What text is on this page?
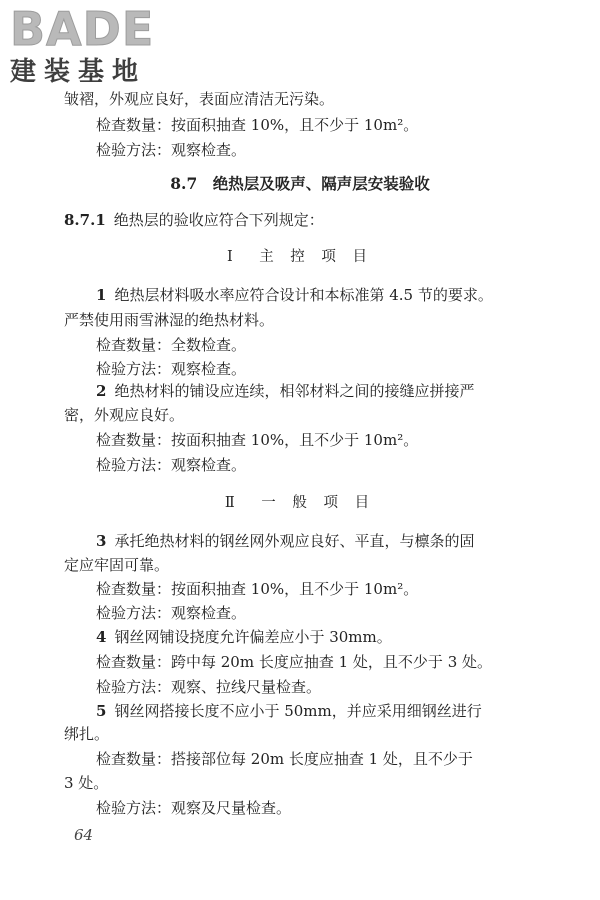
BADE
建装基地
皱褶，外观应良好，表面应清洁无污染。
检查数量：按面积抽查 10%，且不少于 10m²。
检验方法：观察检查。
8.7　绝热层及吸声、隔声层安装验收
8.7.1 绝热层的验收应符合下列规定：
Ⅰ　主 控 项 目
1 绝热层材料吸水率应符合设计和本标准第 4.5 节的要求。
严禁使用雨雪淋湿的绝热材料。
检查数量：全数检查。
检验方法：观察检查。
2 绝热材料的铺设应连续，相邻材料之间的接缝应拼接严
密，外观应良好。
检查数量：按面积抽查 10%，且不少于 10m²。
检验方法：观察检查。
Ⅱ　一 般 项 目
3 承托绝热材料的钢丝网外观应良好、平直，与檩条的固
定应牢固可靠。
检查数量：按面积抽查 10%，且不少于 10m²。
检验方法：观察检查。
4 钢丝网铺设挠度允许偏差应小于 30mm。
检查数量：跨中每 20m 长度应抽查 1 处，且不少于 3 处。
检验方法：观察、拉线尺量检查。
5 钢丝网搭接长度不应小于 50mm，并应采用细钢丝进行
绑扎。
检查数量：搭接部位每 20m 长度应抽查 1 处，且不少于
3 处。
检验方法：观察及尺量检查。
64
